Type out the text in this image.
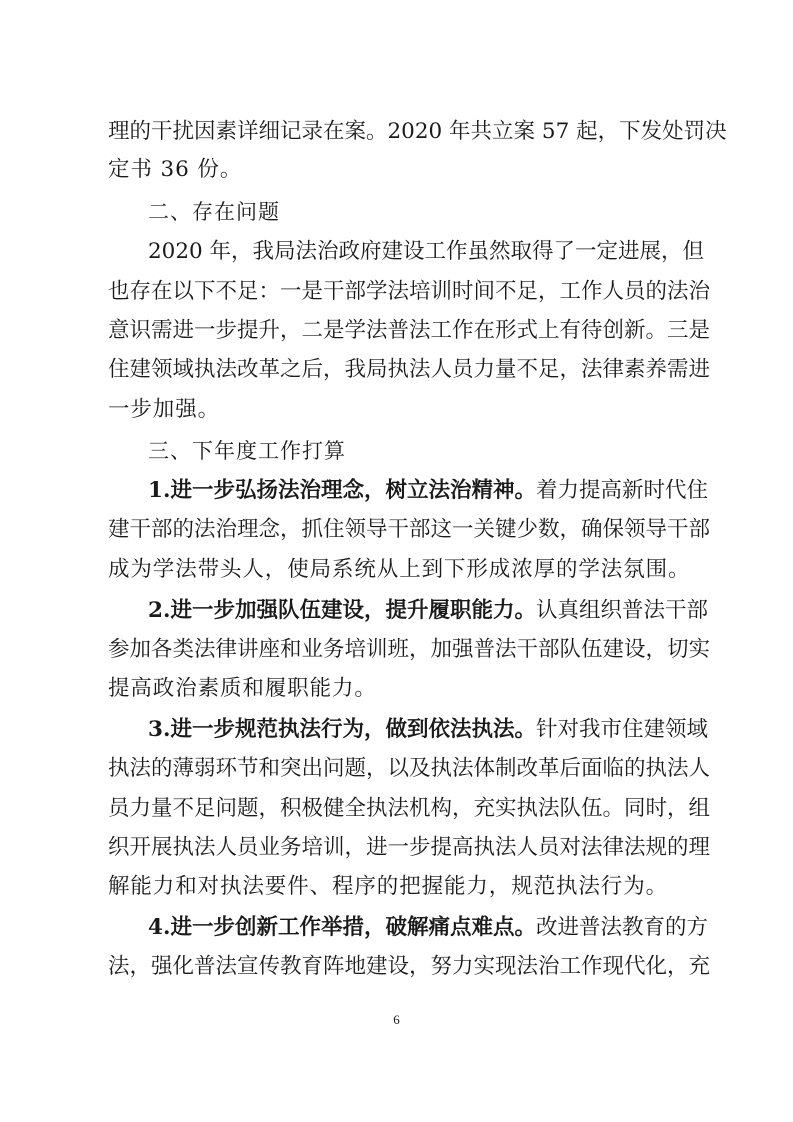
理的干扰因素详细记录在案。2020 年共立案 57 起，下发处罚决
定书 36 份。
二、存在问题
2020 年，我局法治政府建设工作虽然取得了一定进展，但
也存在以下不足：一是干部学法培训时间不足，工作人员的法治
意识需进一步提升，二是学法普法工作在形式上有待创新。三是
住建领域执法改革之后，我局执法人员力量不足，法律素养需进
一步加强。
三、下年度工作打算
1.进一步弘扬法治理念，树立法治精神。着力提高新时代住
建干部的法治理念，抓住领导干部这一关键少数，确保领导干部
成为学法带头人，使局系统从上到下形成浓厚的学法氛围。
2.进一步加强队伍建设，提升履职能力。认真组织普法干部
参加各类法律讲座和业务培训班，加强普法干部队伍建设，切实
提高政治素质和履职能力。
3.进一步规范执法行为，做到依法执法。针对我市住建领域
执法的薄弱环节和突出问题，以及执法体制改革后面临的执法人
员力量不足问题，积极健全执法机构，充实执法队伍。同时，组
织开展执法人员业务培训，进一步提高执法人员对法律法规的理
解能力和对执法要件、程序的把握能力，规范执法行为。
4.进一步创新工作举措，破解痛点难点。改进普法教育的方
法，强化普法宣传教育阵地建设，努力实现法治工作现代化，充
6
